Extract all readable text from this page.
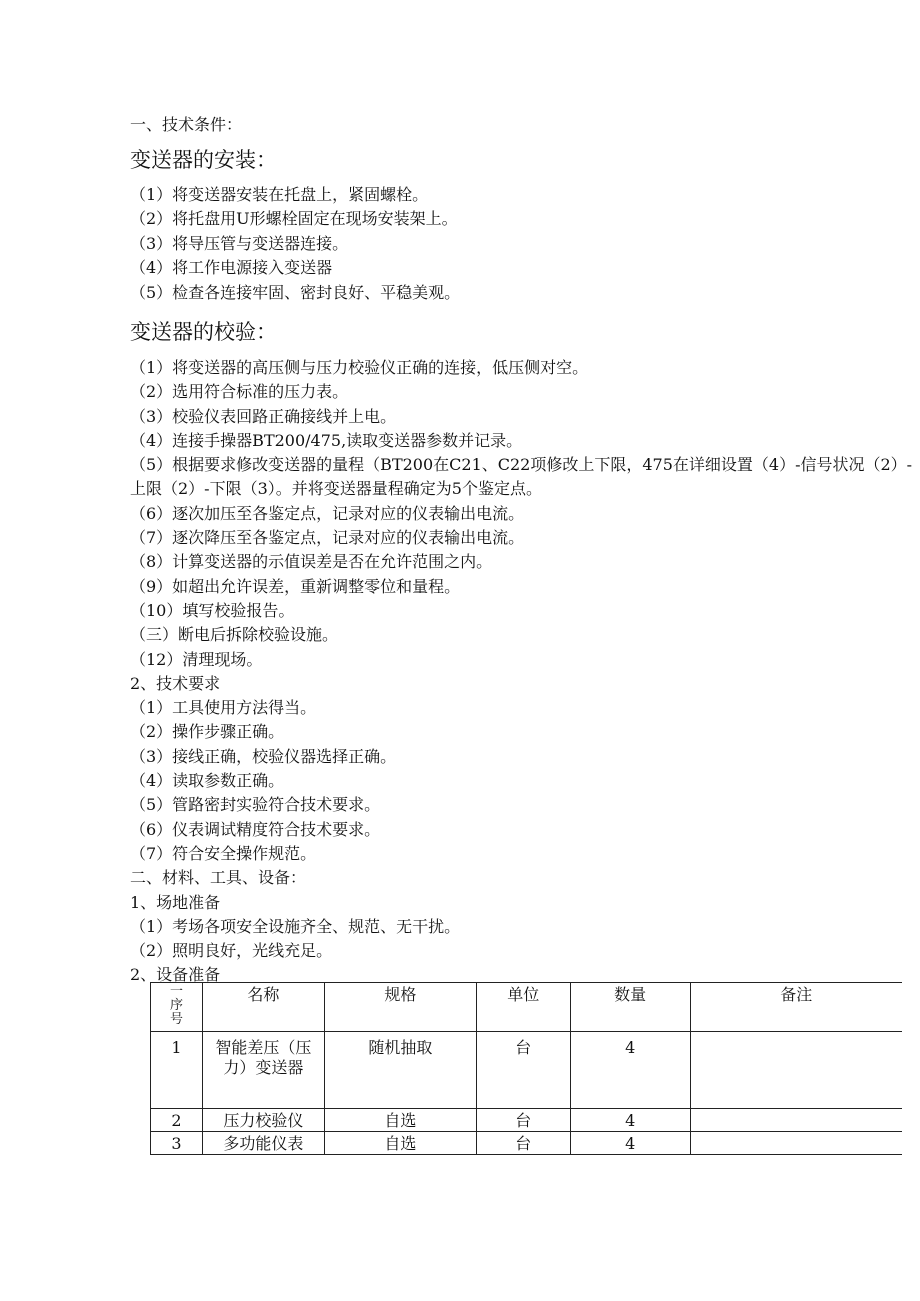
一、技术条件：
变送器的安装：
（1）将变送器安装在托盘上，紧固螺栓。
（2）将托盘用U形螺栓固定在现场安装架上。
（3）将导压管与变送器连接。
（4）将工作电源接入变送器
（5）检查各连接牢固、密封良好、平稳美观。
变送器的校验：
（1）将变送器的高压侧与压力校验仪正确的连接，低压侧对空。
（2）选用符合标准的压力表。
（3）校验仪表回路正确接线并上电。
（4）连接手操器BT200/475,读取变送器参数并记录。
（5）根据要求修改变送器的量程（BT200在C21、C22项修改上下限，475在详细设置（4）-信号状况（2）-上限（2）-下限（3）。并将变送器量程确定为5个鉴定点。
（6）逐次加压至各鉴定点，记录对应的仪表输出电流。
（7）逐次降压至各鉴定点，记录对应的仪表输出电流。
（8）计算变送器的示值误差是否在允许范围之内。
（9）如超出允许误差，重新调整零位和量程。
（10）填写校验报告。
（三）断电后拆除校验设施。
（12）清理现场。
2、技术要求
（1）工具使用方法得当。
（2）操作步骤正确。
（3）接线正确，校验仪器选择正确。
（4）读取参数正确。
（5）管路密封实验符合技术要求。
（6）仪表调试精度符合技术要求。
（7）符合安全操作规范。
二、材料、工具、设备：
1、场地准备
（1）考场各项安全设施齐全、规范、无干扰。
（2）照明良好，光线充足。
2、设备准备
一
序
号	名称	规格	单位	数量	备注
1	智能差压（压力）变送器	随机抽取	台	4	
2	压力校验仪	自选	台	4	
3	多功能仪表	自选	台	4	
